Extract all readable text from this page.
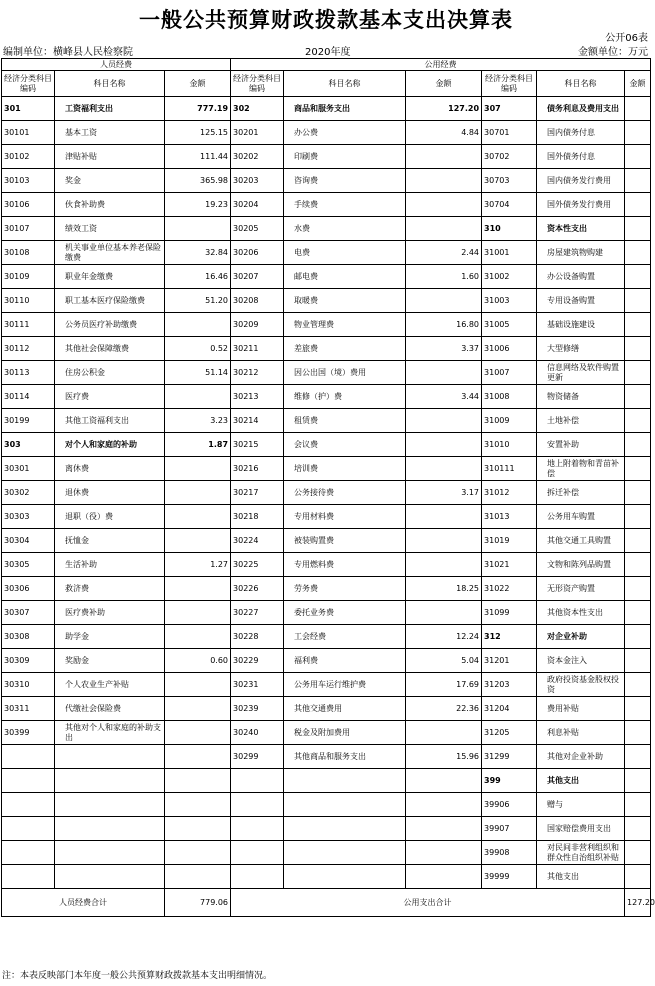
一般公共预算财政拨款基本支出决算表
公开06表
编制单位：横峰县人民检察院	2020年度	金额单位：万元
人员经费			公用经费					
经济分类科目编码	科目名称	金额	经济分类科目编码	科目名称	金额	经济分类科目编码	科目名称	金额
301	工资福利支出	777.19	302	商品和服务支出	127.20	307	债务利息及费用支出	
30101	基本工资	125.15	30201	办公费	4.84	30701	国内债务付息	
30102	津贴补贴	111.44	30202	印刷费		30702	国外债务付息	
30103	奖金	365.98	30203	咨询费		30703	国内债务发行费用	
30106	伙食补助费	19.23	30204	手续费		30704	国外债务发行费用	
30107	绩效工资		30205	水费		310	资本性支出	
30108	机关事业单位基本养老保险缴费	32.84	30206	电费	2.44	31001	房屋建筑物购建	
30109	职业年金缴费	16.46	30207	邮电费	1.60	31002	办公设备购置	
30110	职工基本医疗保险缴费	51.20	30208	取暖费		31003	专用设备购置	
30111	公务员医疗补助缴费		30209	物业管理费	16.80	31005	基础设施建设	
30112	其他社会保障缴费	0.52	30211	差旅费	3.37	31006	大型修缮	
30113	住房公积金	51.14	30212	因公出国（境）费用		31007	信息网络及软件购置更新	
30114	医疗费		30213	维修（护）费	3.44	31008	物资储备	
30199	其他工资福利支出	3.23	30214	租赁费		31009	土地补偿	
303	对个人和家庭的补助	1.87	30215	会议费		31010	安置补助	
30301	离休费		30216	培训费		310111	地上附着物和青苗补偿	
30302	退休费		30217	公务接待费	3.17	31012	拆迁补偿	
30303	退职（役）费		30218	专用材料费		31013	公务用车购置	
30304	抚恤金		30224	被装购置费		31019	其他交通工具购置	
30305	生活补助	1.27	30225	专用燃料费		31021	文物和陈列品购置	
30306	救济费		30226	劳务费	18.25	31022	无形资产购置	
30307	医疗费补助		30227	委托业务费		31099	其他资本性支出	
30308	助学金		30228	工会经费	12.24	312	对企业补助	
30309	奖励金	0.60	30229	福利费	5.04	31201	资本金注入	
30310	个人农业生产补贴		30231	公务用车运行维护费	17.69	31203	政府投资基金股权投资	
30311	代缴社会保险费		30239	其他交通费用	22.36	31204	费用补贴	
30399	其他对个人和家庭的补助支出		30240	税金及附加费用		31205	利息补贴	
			30299	其他商品和服务支出	15.96	31299	其他对企业补助	
						399	其他支出	
						39906	赠与	
						39907	国家赔偿费用支出	
						39908	对民间非营利组织和群众性自治组织补贴	
						39999	其他支出	
人员经费合计		779.06	公用支出合计					127.20
注：本表反映部门本年度一般公共预算财政拨款基本支出明细情况。
